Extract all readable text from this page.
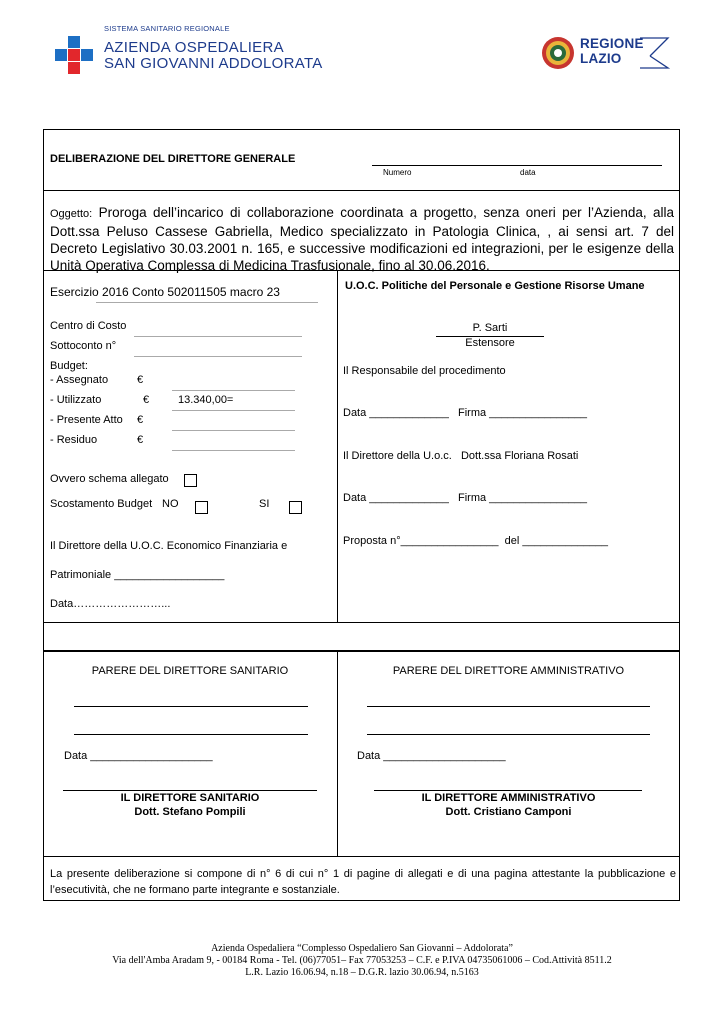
SISTEMA SANITARIO REGIONALE
AZIENDA OSPEDALIERA
SAN GIOVANNI ADDOLORATA
REGIONE
LAZIO
DELIBERAZIONE DEL DIRETTORE GENERALE
Numero	data
Oggetto: Proroga dell’incarico di collaborazione coordinata a progetto, senza oneri per l’Azienda, alla Dott.ssa Peluso Cassese Gabriella, Medico specializzato in Patologia Clinica, , ai sensi art. 7 del Decreto Legislativo 30.03.2001 n. 165, e successive modificazioni ed integrazioni, per le esigenze della Unità Operativa Complessa di Medicina Trasfusionale, fino al 30.06.2016.
Esercizio 2016 Conto 502011505 macro 23
Centro di Costo
Sottoconto n°
Budget:
- Assegnato	€
- Utilizzato	€	13.340,00=
- Presente Atto €
- Residuo	€
Ovvero schema allegato
Scostamento Budget NO	SI
Il Direttore della U.O.C. Economico Finanziaria e
Patrimoniale __________________
Data……………………...
U.O.C. Politiche del Personale e Gestione Risorse Umane
P. Sarti
Estensore
Il Responsabile del procedimento
Data _____________   Firma ________________
Il Direttore della U.o.c.   Dott.ssa Floriana Rosati
Data _____________   Firma ________________
Proposta n°________________  del ______________
PARERE DEL DIRETTORE SANITARIO
Data ____________________
IL DIRETTORE SANITARIO
Dott. Stefano Pompili
PARERE DEL DIRETTORE AMMINISTRATIVO
Data ____________________
IL DIRETTORE AMMINISTRATIVO
Dott. Cristiano Camponi
La presente deliberazione si compone di n° 6 di cui n° 1 di pagine di allegati e di una pagina attestante la pubblicazione e l’esecutività, che ne formano parte integrante e sostanziale.
Azienda Ospedaliera “Complesso Ospedaliero San Giovanni – Addolorata”
Via dell'Amba Aradam 9, - 00184 Roma - Tel. (06)77051– Fax 77053253 – C.F. e P.IVA 04735061006 – Cod.Attività 8511.2
L.R. Lazio 16.06.94, n.18 – D.G.R. lazio 30.06.94, n.5163
